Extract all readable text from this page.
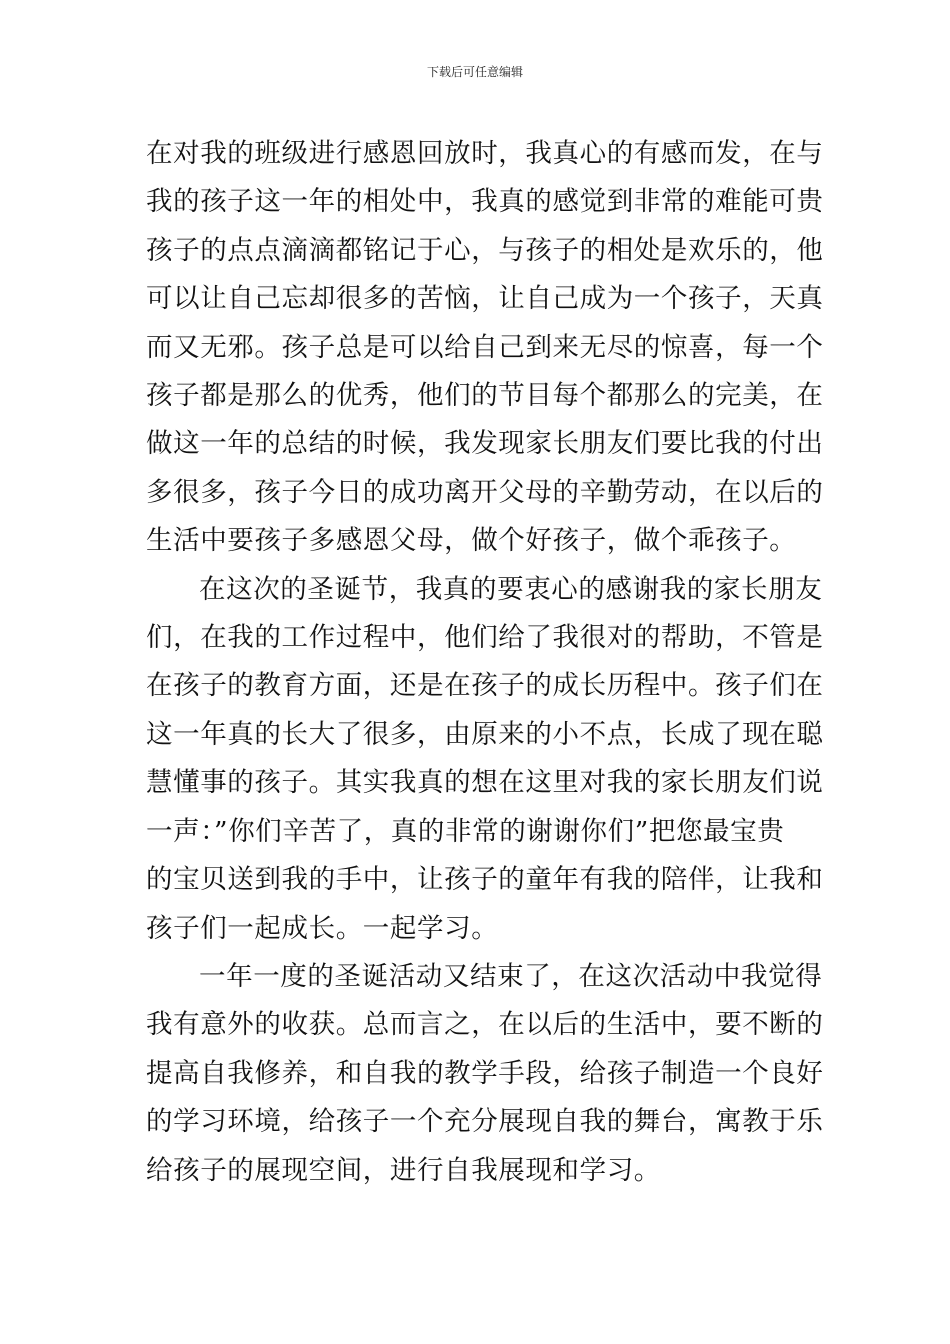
下载后可任意编辑
在对我的班级进行感恩回放时，我真心的有感而发，在与
我的孩子这一年的相处中，我真的感觉到非常的难能可贵
孩子的点点滴滴都铭记于心，与孩子的相处是欢乐的，他
可以让自己忘却很多的苦恼，让自己成为一个孩子，天真
而又无邪。孩子总是可以给自己到来无尽的惊喜，每一个
孩子都是那么的优秀，他们的节目每个都那么的完美，在
做这一年的总结的时候，我发现家长朋友们要比我的付出
多很多，孩子今日的成功离开父母的辛勤劳动，在以后的
生活中要孩子多感恩父母，做个好孩子，做个乖孩子。
在这次的圣诞节，我真的要衷心的感谢我的家长朋友
们，在我的工作过程中，他们给了我很对的帮助，不管是
在孩子的教育方面，还是在孩子的成长历程中。孩子们在
这一年真的长大了很多，由原来的小不点，长成了现在聪
慧懂事的孩子。其实我真的想在这里对我的家长朋友们说
一声：”你们辛苦了，真的非常的谢谢你们”把您最宝贵
的宝贝送到我的手中，让孩子的童年有我的陪伴，让我和
孩子们一起成长。一起学习。
一年一度的圣诞活动又结束了，在这次活动中我觉得
我有意外的收获。总而言之，在以后的生活中，要不断的
提高自我修养，和自我的教学手段，给孩子制造一个良好
的学习环境，给孩子一个充分展现自我的舞台，寓教于乐
给孩子的展现空间，进行自我展现和学习。
